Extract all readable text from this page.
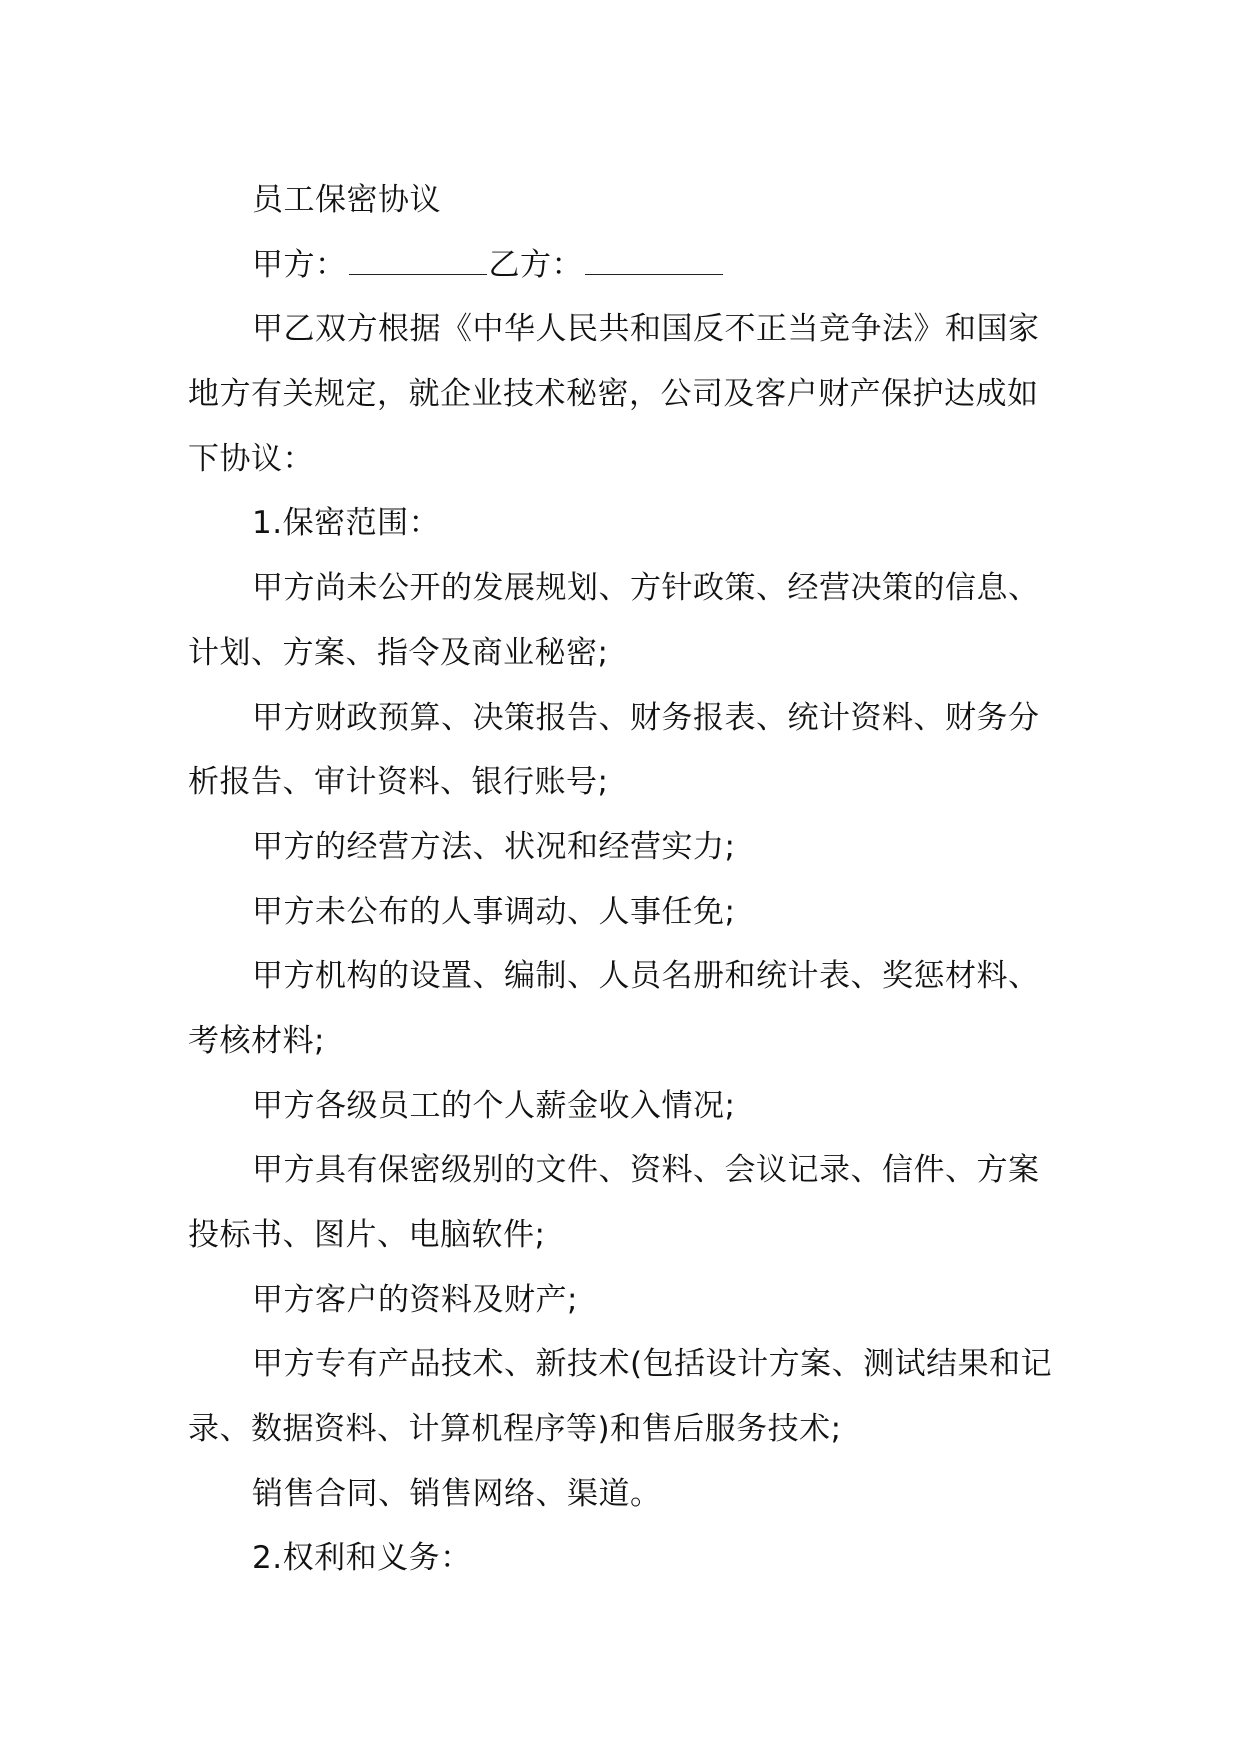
员工保密协议
甲方：	乙方：
甲乙双方根据《中华人民共和国反不正当竞争法》和国家
地方有关规定，就企业技术秘密，公司及客户财产保护达成如
下协议：
1.保密范围：
甲方尚未公开的发展规划、方针政策、经营决策的信息、
计划、方案、指令及商业秘密;
甲方财政预算、决策报告、财务报表、统计资料、财务分
析报告、审计资料、银行账号;
甲方的经营方法、状况和经营实力;
甲方未公布的人事调动、人事任免;
甲方机构的设置、编制、人员名册和统计表、奖惩材料、
考核材料;
甲方各级员工的个人薪金收入情况;
甲方具有保密级别的文件、资料、会议记录、信件、方案
投标书、图片、电脑软件;
甲方客户的资料及财产;
甲方专有产品技术、新技术(包括设计方案、测试结果和记
录、数据资料、计算机程序等)和售后服务技术;
销售合同、销售网络、渠道。
2.权利和义务：
